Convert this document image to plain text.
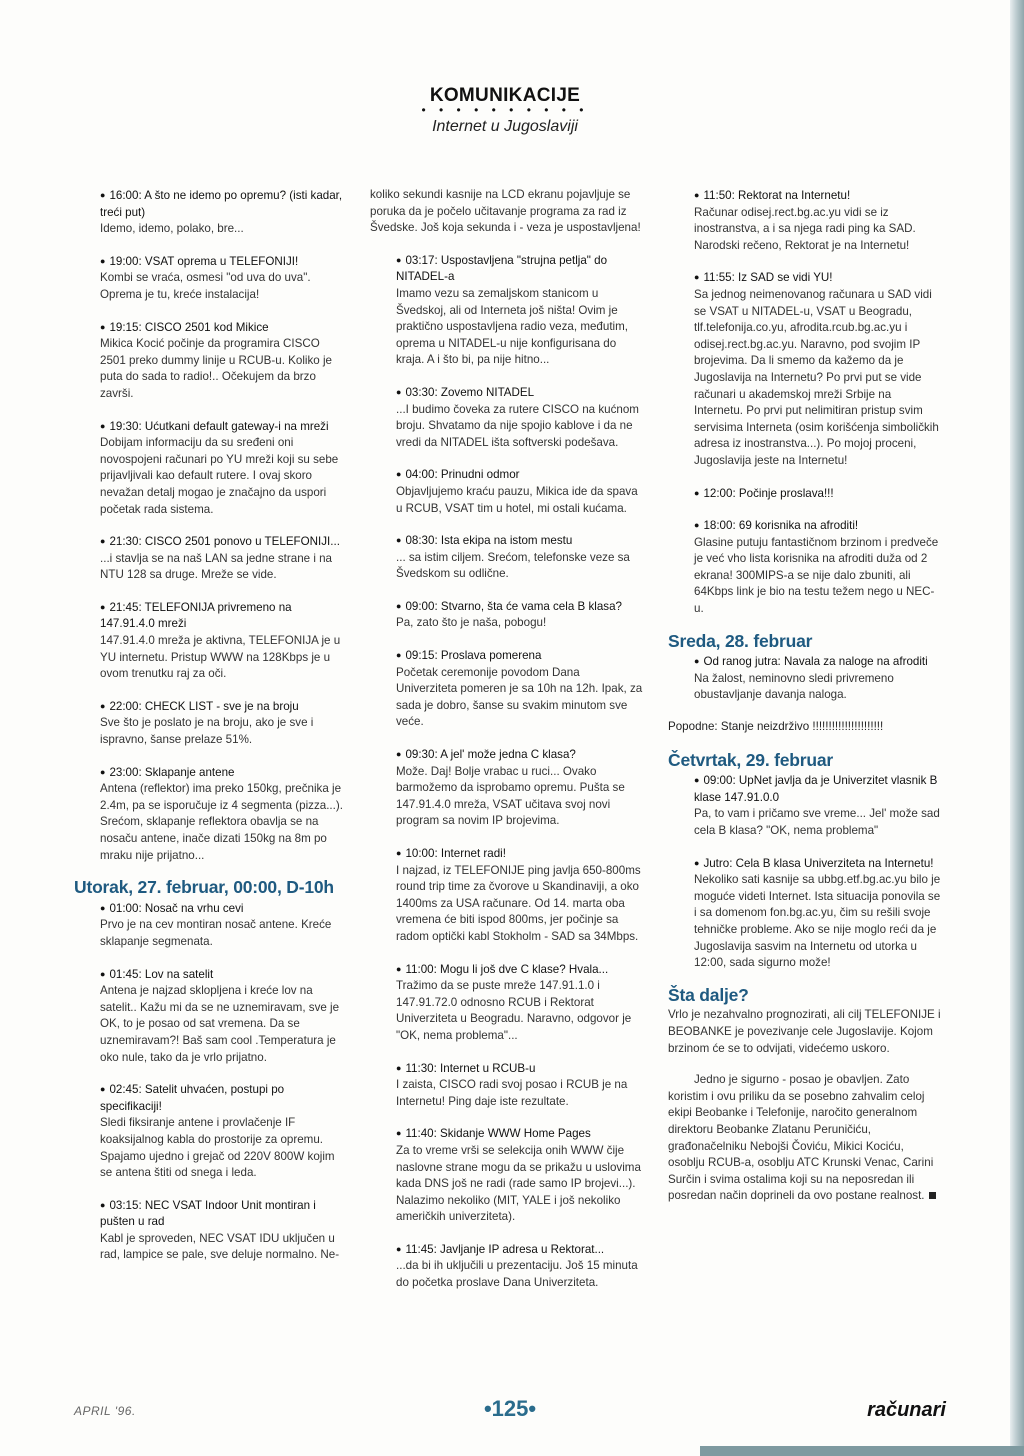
KOMUNIKACIJE
• • • • • • • • • •
Internet u Jugoslaviji
● 16:00: A što ne idemo po opremu? (isti kadar, treći put)
Idemo, idemo, polako, bre...
● 19:00: VSAT oprema u TELEFONIJI!
Kombi se vraća, osmesi "od uva do uva". Oprema je tu, kreće instalacija!
● 19:15: CISCO 2501 kod Mikice
Mikica Kocić počinje da programira CISCO 2501 preko dummy linije u RCUB-u. Koliko je puta do sada to radio!.. Očekujem da brzo završi.
● 19:30: Ućutkani default gateway-i na mreži
Dobijam informaciju da su sređeni oni novospojeni računari po YU mreži koji su sebe prijavljivali kao default rutere. I ovaj skoro nevažan detalj mogao je značajno da uspori početak rada sistema.
● 21:30: CISCO 2501 ponovo u TELEFONIJI...
...i stavlja se na naš LAN sa jedne strane i na NTU 128 sa druge. Mreže se vide.
● 21:45: TELEFONIJA privremeno na 147.91.4.0 mreži
147.91.4.0 mreža je aktivna, TELEFONIJA je u YU internetu. Pristup WWW na 128Kbps je u ovom trenutku raj za oči.
● 22:00: CHECK LIST - sve je na broju
Sve što je poslato je na broju, ako je sve i ispravno, šanse prelaze 51%.
● 23:00: Sklapanje antene
Antena (reflektor) ima preko 150kg, prečnika je 2.4m, pa se isporučuje iz 4 segmenta (pizza...). Srećom, sklapanje reflektora obavlja se na nosaču antene, inače dizati 150kg na 8m po mraku nije prijatno...
Utorak, 27. februar, 00:00, D-10h
● 01:00: Nosač na vrhu cevi
Prvo je na cev montiran nosač antene. Kreće sklapanje segmenata.
● 01:45: Lov na satelit
Antena je najzad sklopljena i kreće lov na satelit.. Kažu mi da se ne uznemiravam, sve je OK, to je posao od sat vremena. Da se uznemiravam?! Baš sam cool .Temperatura je oko nule, tako da je vrlo prijatno.
● 02:45: Satelit uhvaćen, postupi po specifikaciji!
Sledi fiksiranje antene i provlačenje IF koaksijalnog kabla do prostorije za opremu. Spajamo ujedno i grejač od 220V 800W kojim se antena štiti od snega i leda.
● 03:15: NEC VSAT Indoor Unit montiran i pušten u rad
Kabl je sproveden, NEC VSAT IDU uključen u rad, lampice se pale, sve deluje normalno. Ne-
koliko sekundi kasnije na LCD ekranu pojavljuje se poruka da je počelo učitavanje programa za rad iz Švedske. Još koja sekunda i - veza je uspostavljena!
● 03:17: Uspostavljena "strujna petlja" do NITADEL-a
Imamo vezu sa zemaljskom stanicom u Švedskoj, ali od Interneta još ništa! Ovim je praktično uspostavljena radio veza, međutim, oprema u NITADEL-u nije konfigurisana do kraja. A i što bi, pa nije hitno...
● 03:30: Zovemo NITADEL
...I budimo čoveka za rutere CISCO na kućnom broju. Shvatamo da nije spojio kablove i da ne vredi da NITADEL išta softverski podešava.
● 04:00: Prinudni odmor
Objavljujemo kraću pauzu, Mikica ide da spava u RCUB, VSAT tim u hotel, mi ostali kućama.
● 08:30: Ista ekipa na istom mestu
... sa istim ciljem. Srećom, telefonske veze sa Švedskom su odlične.
● 09:00: Stvarno, šta će vama cela B klasa?
Pa, zato što je naša, pobogu!
● 09:15: Proslava pomerena
Početak ceremonije povodom Dana Univerziteta pomeren je sa 10h na 12h. Ipak, za sada je dobro, šanse su svakim minutom sve veće.
● 09:30: A jel' može jedna C klasa?
Može. Daj! Bolje vrabac u ruci... Ovako barmožemo da isprobamo opremu. Pušta se 147.91.4.0 mreža, VSAT učitava svoj novi program sa novim IP brojevima.
● 10:00: Internet radi!
I najzad, iz TELEFONIJE ping javlja 650-800ms round trip time za čvorove u Skandinaviji, a oko 1400ms za USA računare. Od 14. marta oba vremena će biti ispod 800ms, jer počinje sa radom optički kabl Stokholm - SAD sa 34Mbps.
● 11:00: Mogu li još dve C klase? Hvala...
Tražimo da se puste mreže 147.91.1.0 i 147.91.72.0 odnosno RCUB i Rektorat Univerziteta u Beogradu. Naravno, odgovor je "OK, nema problema"...
● 11:30: Internet u RCUB-u
I zaista, CISCO radi svoj posao i RCUB je na Internetu! Ping daje iste rezultate.
● 11:40: Skidanje WWW Home Pages
Za to vreme vrši se selekcija onih WWW čije naslovne strane mogu da se prikažu u uslovima kada DNS još ne radi (rade samo IP brojevi...). Nalazimo nekoliko (MIT, YALE i još nekoliko američkih univerziteta).
● 11:45: Javljanje IP adresa u Rektorat...
...da bi ih uključili u prezentaciju. Još 15 minuta do početka proslave Dana Univerziteta.
● 11:50: Rektorat na Internetu!
Računar odisej.rect.bg.ac.yu vidi se iz inostranstva, a i sa njega radi ping ka SAD. Narodski rečeno, Rektorat je na Internetu!
● 11:55: Iz SAD se vidi YU!
Sa jednog neimenovanog računara u SAD vidi se VSAT u NITADEL-u, VSAT u Beogradu, tlf.telefonija.co.yu, afrodita.rcub.bg.ac.yu i odisej.rect.bg.ac.yu. Naravno, pod svojim IP brojevima. Da li smemo da kažemo da je Jugoslavija na Internetu? Po prvi put se vide računari u akademskoj mreži Srbije na Internetu. Po prvi put nelimitiran pristup svim servisima Interneta (osim korišćenja simboličkih adresa iz inostranstva...). Po mojoj proceni, Jugoslavija jeste na Internetu!
● 12:00: Počinje proslava!!!
● 18:00: 69 korisnika na afroditi!
Glasine putuju fantastičnom brzinom i predveče je već vho lista korisnika na afroditi duža od 2 ekrana! 300MIPS-a se nije dalo zbuniti, ali 64Kbps link je bio na testu težem nego u NEC-u.
Sreda, 28. februar
● Od ranog jutra: Navala za naloge na afroditi
Na žalost, neminovno sledi privremeno obustavljanje davanja naloga.
Popodne: Stanje neizdrživo !!!!!!!!!!!!!!!!!!!!!!
Četvrtak, 29. februar
● 09:00: UpNet javlja da je Univerzitet vlasnik B klase 147.91.0.0
Pa, to vam i pričamo sve vreme... Jel' može sad cela B klasa? "OK, nema problema"
● Jutro: Cela B klasa Univerziteta na Internetu!
Nekoliko sati kasnije sa ubbg.etf.bg.ac.yu bilo je moguće videti Internet. Ista situacija ponovila se i sa domenom fon.bg.ac.yu, čim su rešili svoje tehničke probleme. Ako se nije moglo reći da je Jugoslavija sasvim na Internetu od utorka u 12:00, sada sigurno može!
Šta dalje?
Vrlo je nezahvalno prognozirati, ali cilj TELEFONIJE i BEOBANKE je povezivanje cele Jugoslavije. Kojom brzinom će se to odvijati, videćemo uskoro.
Jedno je sigurno - posao je obavljen. Zato koristim i ovu priliku da se posebno zahvalim celoj ekipi Beobanke i Telefonije, naročito generalnom direktoru Beobanke Zlatanu Peruničiću, građonačelniku Nebojši Čoviću, Mikici Kociću, osoblju RCUB-a, osoblju ATC Krunski Venac, Carini Surčin i svima ostalima koji su na neposredan ili posredan način doprineli da ovo postane realnost.
APRIL '96.	•125•	računari
